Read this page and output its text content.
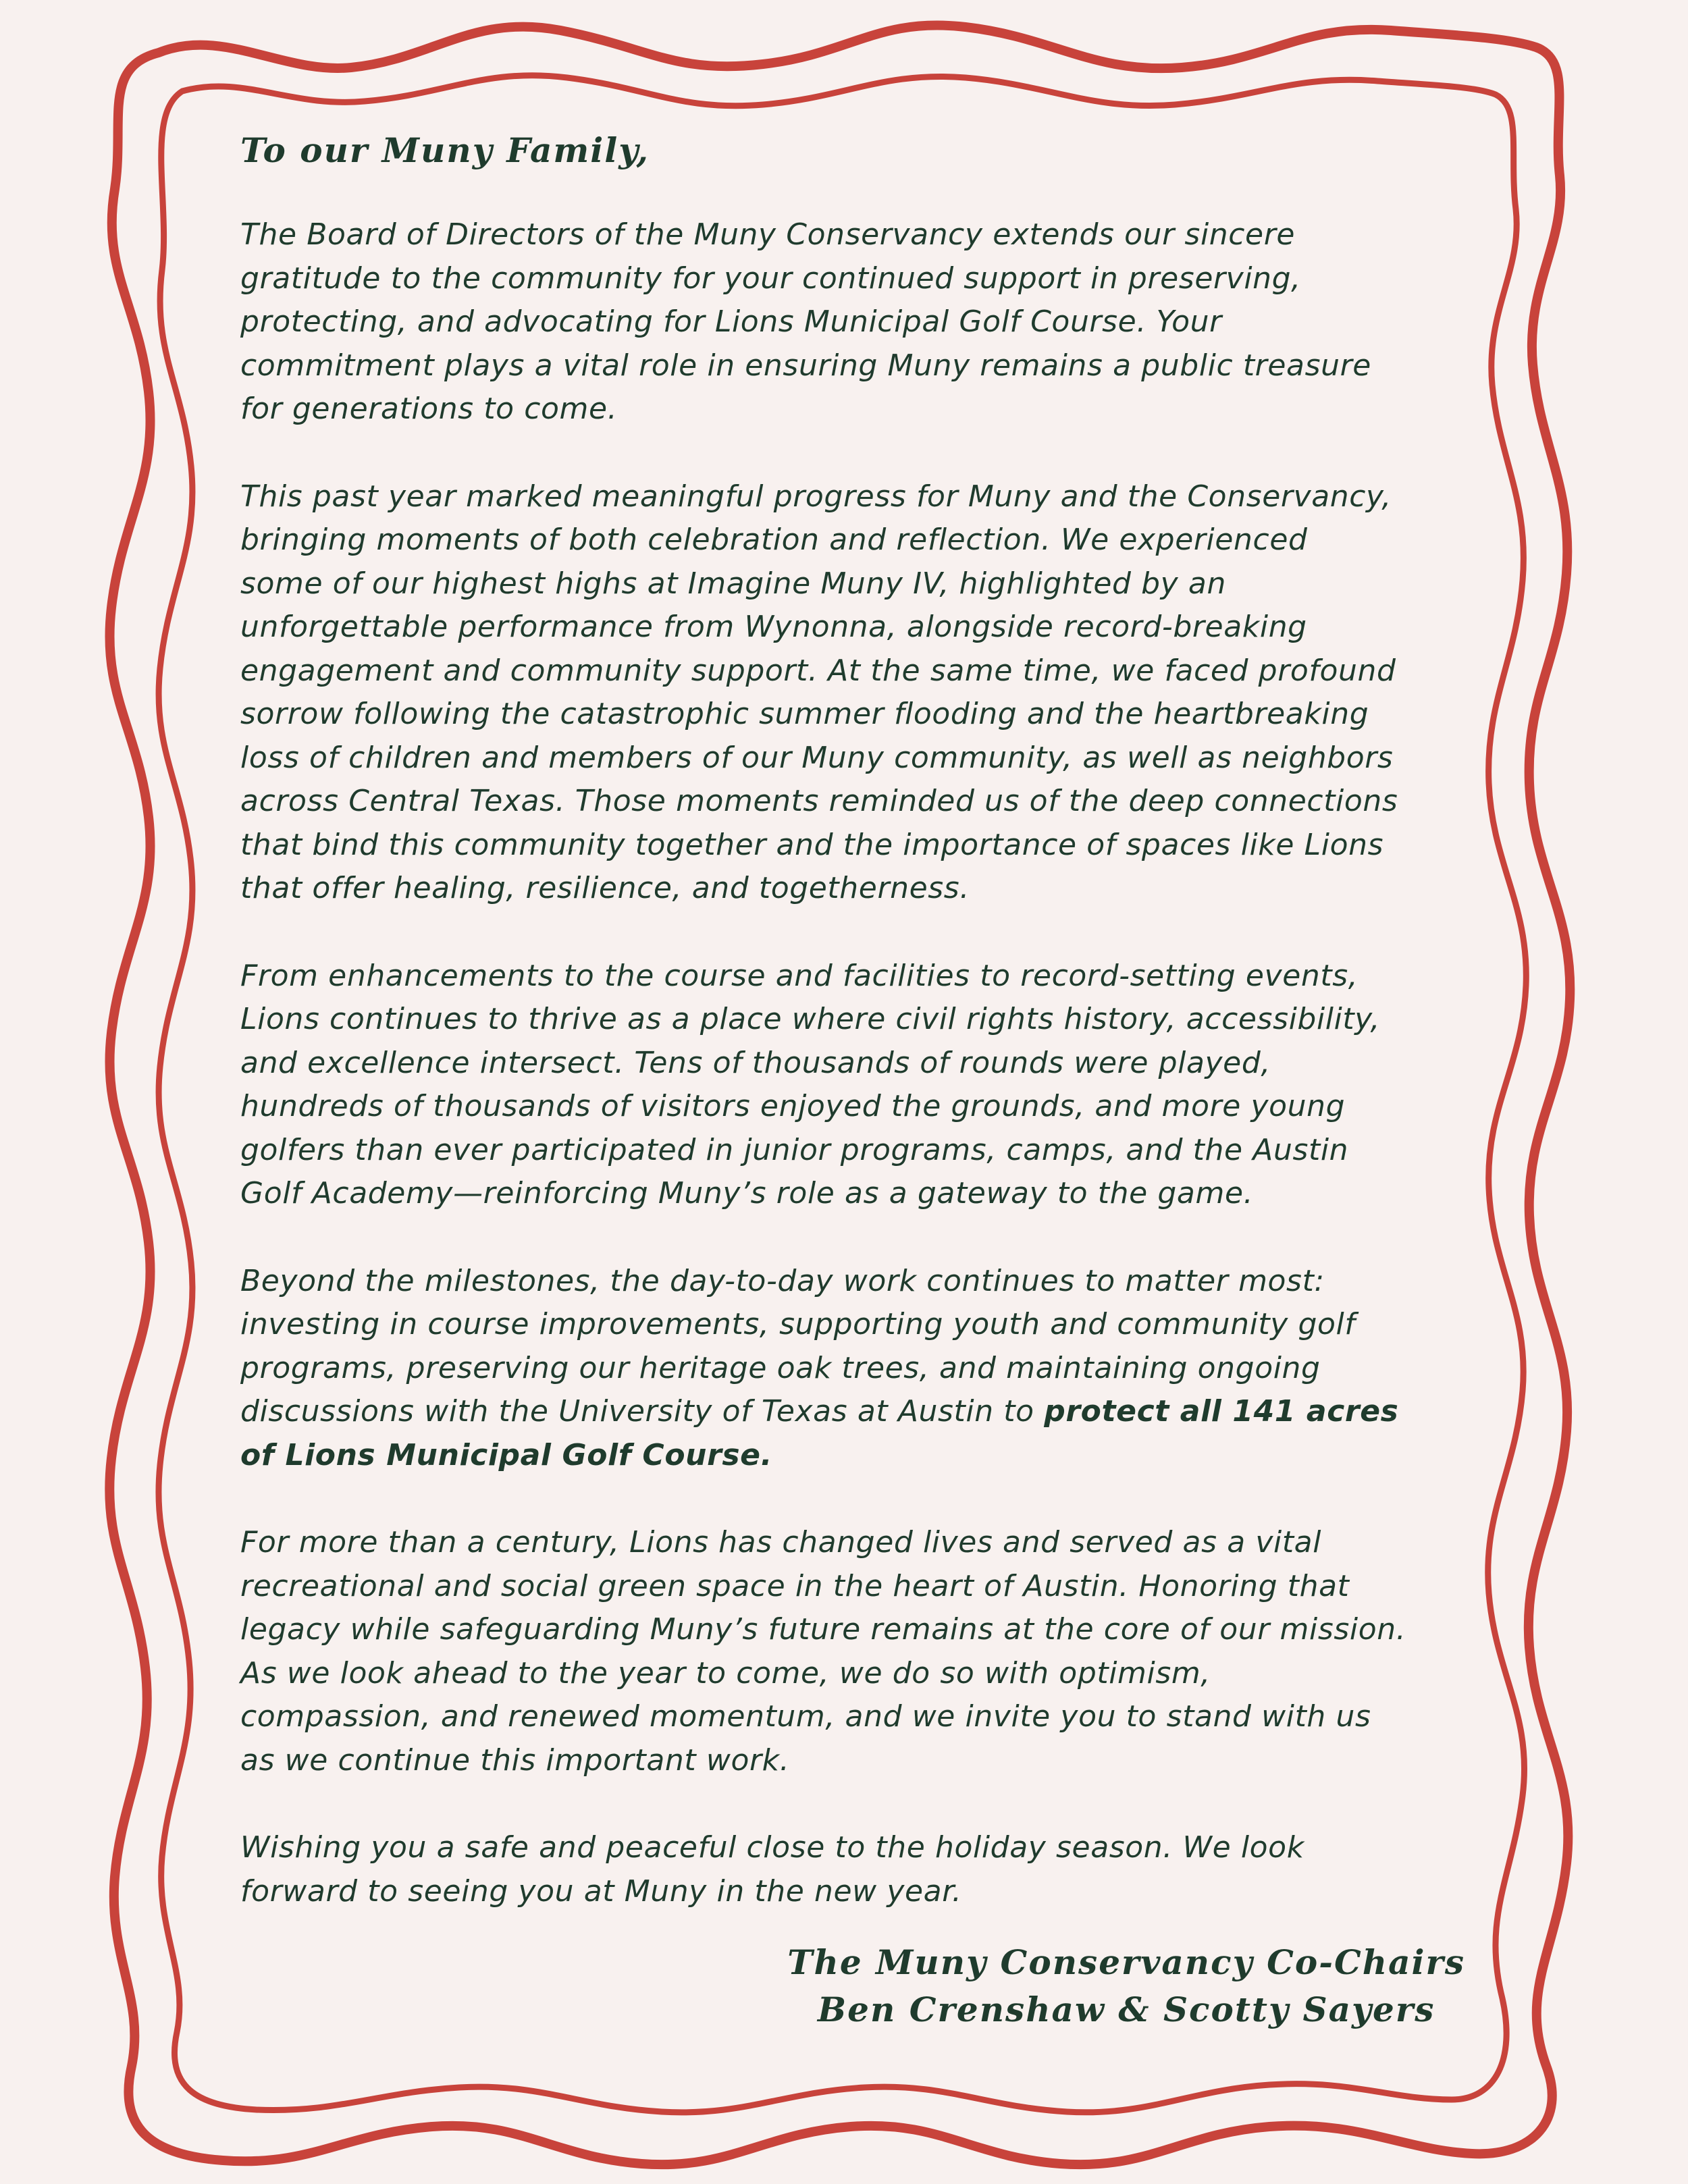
To our Muny Family,
The Board of Directors of the Muny Conservancy extends our sincere
gratitude to the community for your continued support in preserving,
protecting, and advocating for Lions Municipal Golf Course. Your
commitment plays a vital role in ensuring Muny remains a public treasure
for generations to come.
This past year marked meaningful progress for Muny and the Conservancy,
bringing moments of both celebration and reflection. We experienced
some of our highest highs at Imagine Muny IV, highlighted by an
unforgettable performance from Wynonna, alongside record-breaking
engagement and community support. At the same time, we faced profound
sorrow following the catastrophic summer flooding and the heartbreaking
loss of children and members of our Muny community, as well as neighbors
across Central Texas. Those moments reminded us of the deep connections
that bind this community together and the importance of spaces like Lions
that offer healing, resilience, and togetherness.
From enhancements to the course and facilities to record-setting events,
Lions continues to thrive as a place where civil rights history, accessibility,
and excellence intersect. Tens of thousands of rounds were played,
hundreds of thousands of visitors enjoyed the grounds, and more young
golfers than ever participated in junior programs, camps, and the Austin
Golf Academy—reinforcing Muny’s role as a gateway to the game.
Beyond the milestones, the day-to-day work continues to matter most:
investing in course improvements, supporting youth and community golf
programs, preserving our heritage oak trees, and maintaining ongoing
discussions with the University of Texas at Austin to protect all 141 acres
of Lions Municipal Golf Course.
For more than a century, Lions has changed lives and served as a vital
recreational and social green space in the heart of Austin. Honoring that
legacy while safeguarding Muny’s future remains at the core of our mission.
As we look ahead to the year to come, we do so with optimism,
compassion, and renewed momentum, and we invite you to stand with us
as we continue this important work.
Wishing you a safe and peaceful close to the holiday season. We look
forward to seeing you at Muny in the new year.
The Muny Conservancy Co-Chairs
Ben Crenshaw & Scotty Sayers
